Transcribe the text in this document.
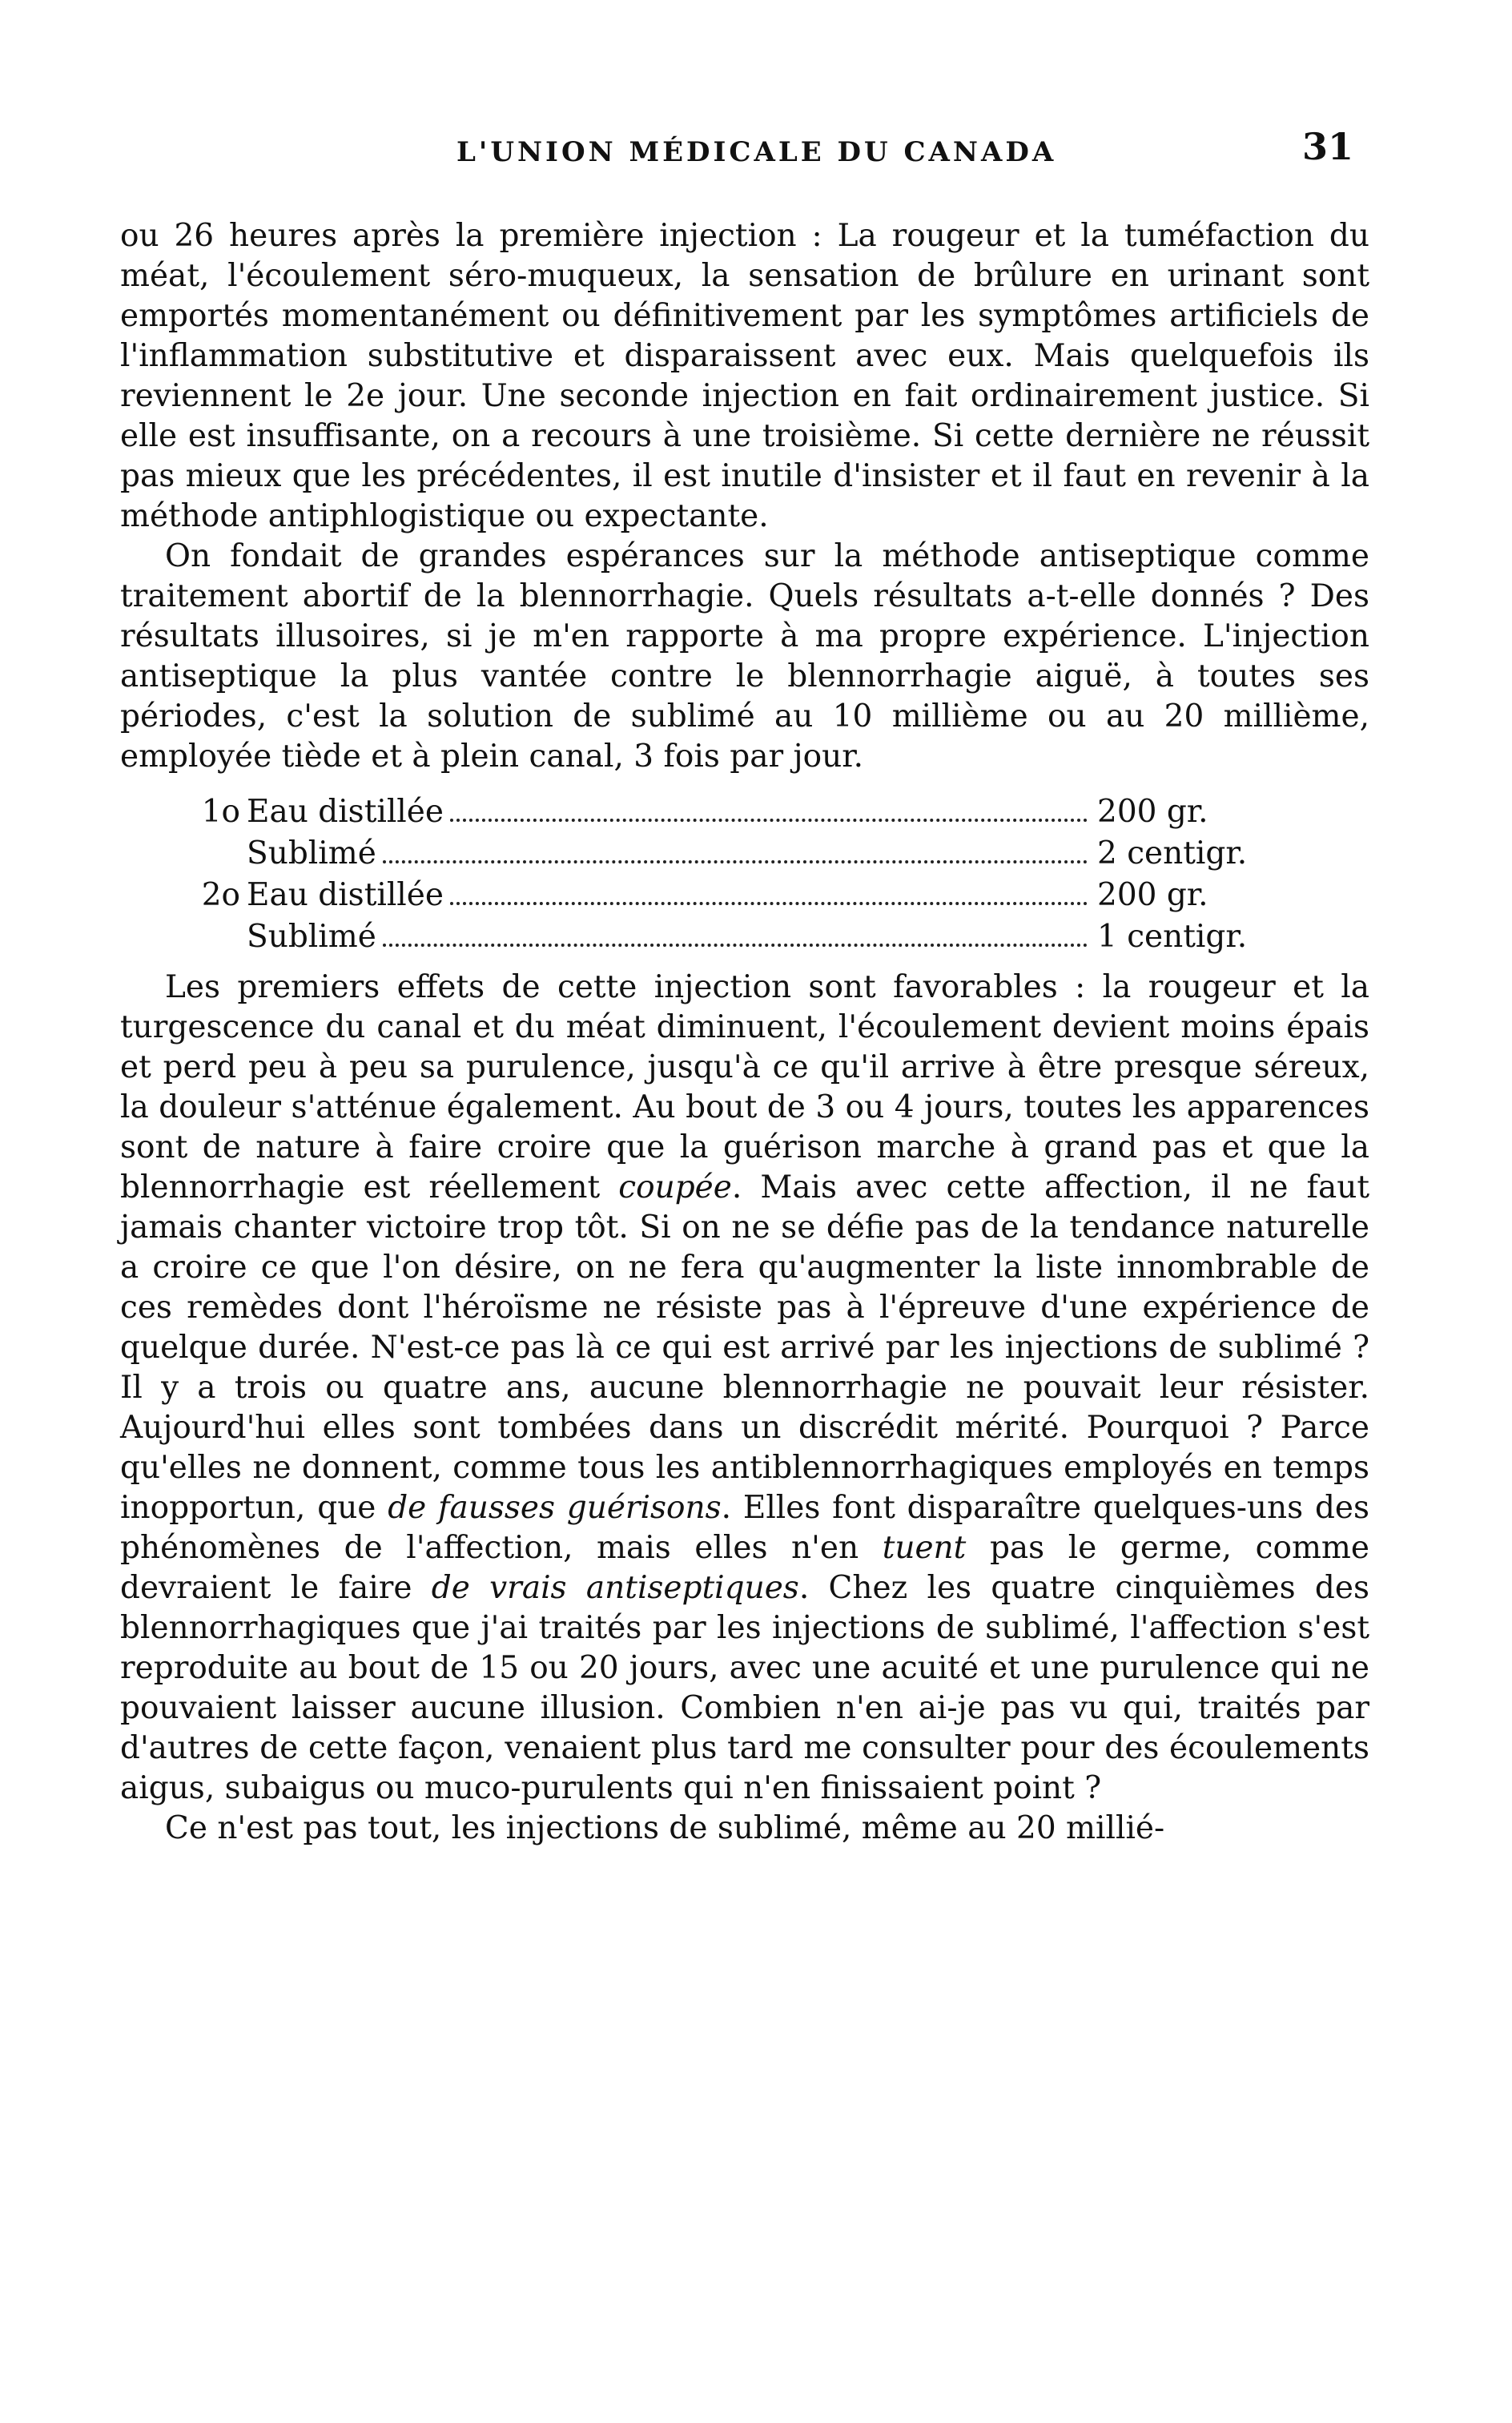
L'UNION MÉDICALE DU CANADA	31

ou 26 heures après la première injection : La rougeur et la tuméfaction du méat, l'écoulement séro-muqueux, la sensation de brûlure en urinant sont emportés momentanément ou définitivement par les symptômes artificiels de l'inflammation substitutive et disparaissent avec eux. Mais quelquefois ils reviennent le 2e jour. Une seconde injection en fait ordinairement justice. Si elle est insuffisante, on a recours à une troisième. Si cette dernière ne réussit pas mieux que les précédentes, il est inutile d'insister et il faut en revenir à la méthode antiphlogistique ou expectante.

On fondait de grandes espérances sur la méthode antiseptique comme traitement abortif de la blennorrhagie. Quels résultats a-t-elle donnés ? Des résultats illusoires, si je m'en rapporte à ma propre expérience. L'injection antiseptique la plus vantée contre le blennorrhagie aiguë, à toutes ses périodes, c'est la solution de sublimé au 10 millième ou au 20 millième, employée tiède et à plein canal, 3 fois par jour.

1o Eau distillée	200 gr.
Sublimé	2 centigr.
2o Eau distillée	200 gr.
Sublimé	1 centigr.

Les premiers effets de cette injection sont favorables : la rougeur et la turgescence du canal et du méat diminuent, l'écoulement devient moins épais et perd peu à peu sa purulence, jusqu'à ce qu'il arrive à être presque séreux, la douleur s'atténue également. Au bout de 3 ou 4 jours, toutes les apparences sont de nature à faire croire que la guérison marche à grand pas et que la blennorrhagie est réellement coupée. Mais avec cette affection, il ne faut jamais chanter victoire trop tôt. Si on ne se défie pas de la tendance naturelle a croire ce que l'on désire, on ne fera qu'augmenter la liste innombrable de ces remèdes dont l'héroïsme ne résiste pas à l'épreuve d'une expérience de quelque durée. N'est-ce pas là ce qui est arrivé par les injections de sublimé ? Il y a trois ou quatre ans, aucune blennorrhagie ne pouvait leur résister. Aujourd'hui elles sont tombées dans un discrédit mérité. Pourquoi ? Parce qu'elles ne donnent, comme tous les antiblennorrhagiques employés en temps inopportun, que de fausses guérisons. Elles font disparaître quelques-uns des phénomènes de l'affection, mais elles n'en tuent pas le germe, comme devraient le faire de vrais antiseptiques. Chez les quatre cinquièmes des blennorrhagiques que j'ai traités par les injections de sublimé, l'affection s'est reproduite au bout de 15 ou 20 jours, avec une acuité et une purulence qui ne pouvaient laisser aucune illusion. Combien n'en ai-je pas vu qui, traités par d'autres de cette façon, venaient plus tard me consulter pour des écoulements aigus, subaigus ou muco-purulents qui n'en finissaient point ?

Ce n'est pas tout, les injections de sublimé, même au 20 millié-
